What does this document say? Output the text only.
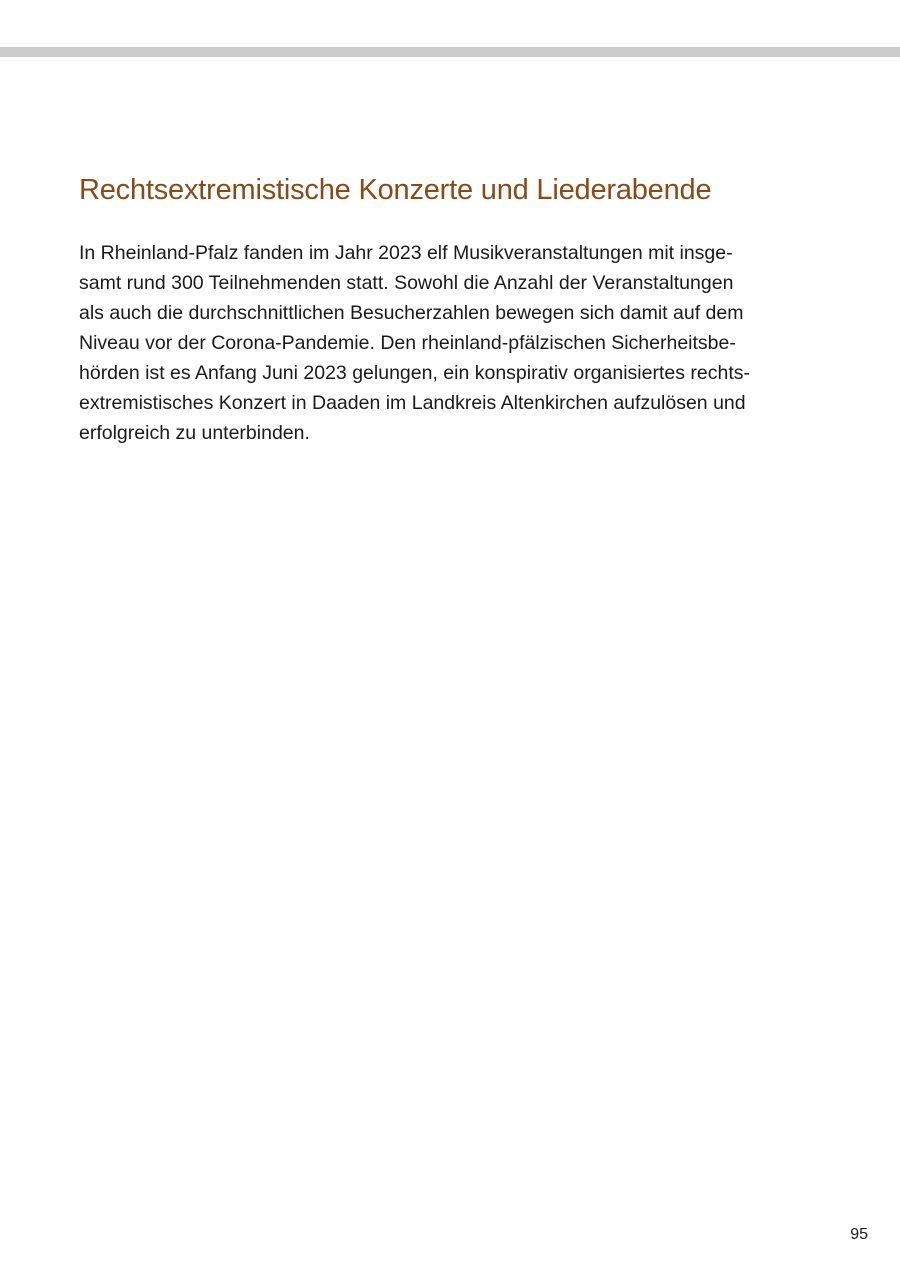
Rechtsextremistische Konzerte und Liederabende
In Rheinland-Pfalz fanden im Jahr 2023 elf Musikveranstaltungen mit insge-
samt rund 300 Teilnehmenden statt. Sowohl die Anzahl der Veranstaltungen
als auch die durchschnittlichen Besucherzahlen bewegen sich damit auf dem
Niveau vor der Corona-Pandemie. Den rheinland-pfälzischen Sicherheitsbe-
hörden ist es Anfang Juni 2023 gelungen, ein konspirativ organisiertes rechts-
extremistisches Konzert in Daaden im Landkreis Altenkirchen aufzulösen und
erfolgreich zu unterbinden.
95
